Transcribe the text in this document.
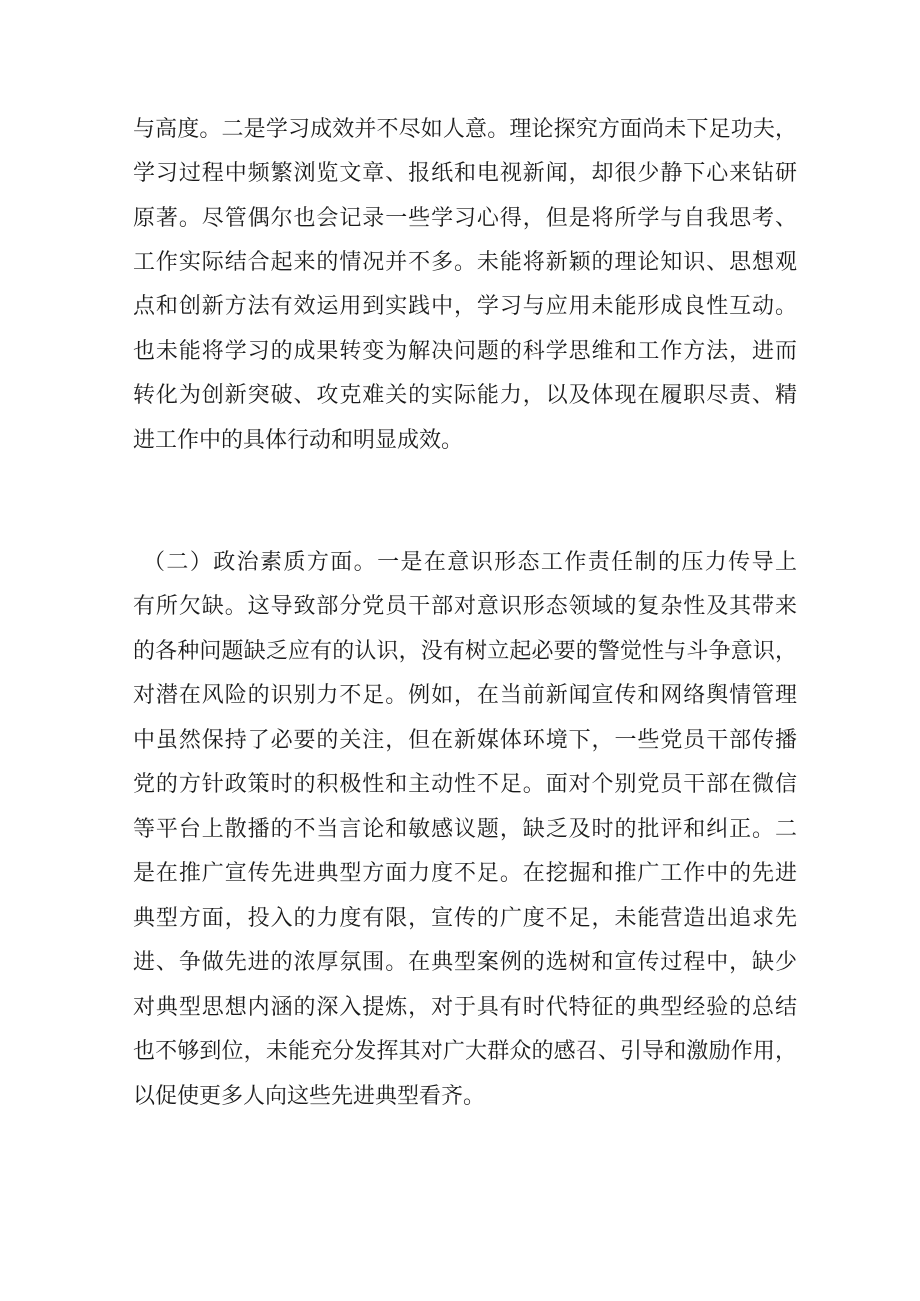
与高度。二是学习成效并不尽如人意。理论探究方面尚未下足功夫，
学习过程中频繁浏览文章、报纸和电视新闻，却很少静下心来钻研
原著。尽管偶尔也会记录一些学习心得，但是将所学与自我思考、
工作实际结合起来的情况并不多。未能将新颖的理论知识、思想观
点和创新方法有效运用到实践中，学习与应用未能形成良性互动。
也未能将学习的成果转变为解决问题的科学思维和工作方法，进而
转化为创新突破、攻克难关的实际能力，以及体现在履职尽责、精
进工作中的具体行动和明显成效。
（二）政治素质方面。一是在意识形态工作责任制的压力传导上
有所欠缺。这导致部分党员干部对意识形态领域的复杂性及其带来
的各种问题缺乏应有的认识，没有树立起必要的警觉性与斗争意识，
对潜在风险的识别力不足。例如，在当前新闻宣传和网络舆情管理
中虽然保持了必要的关注，但在新媒体环境下，一些党员干部传播
党的方针政策时的积极性和主动性不足。面对个别党员干部在微信
等平台上散播的不当言论和敏感议题，缺乏及时的批评和纠正。二
是在推广宣传先进典型方面力度不足。在挖掘和推广工作中的先进
典型方面，投入的力度有限，宣传的广度不足，未能营造出追求先
进、争做先进的浓厚氛围。在典型案例的选树和宣传过程中，缺少
对典型思想内涵的深入提炼，对于具有时代特征的典型经验的总结
也不够到位，未能充分发挥其对广大群众的感召、引导和激励作用，
以促使更多人向这些先进典型看齐。
